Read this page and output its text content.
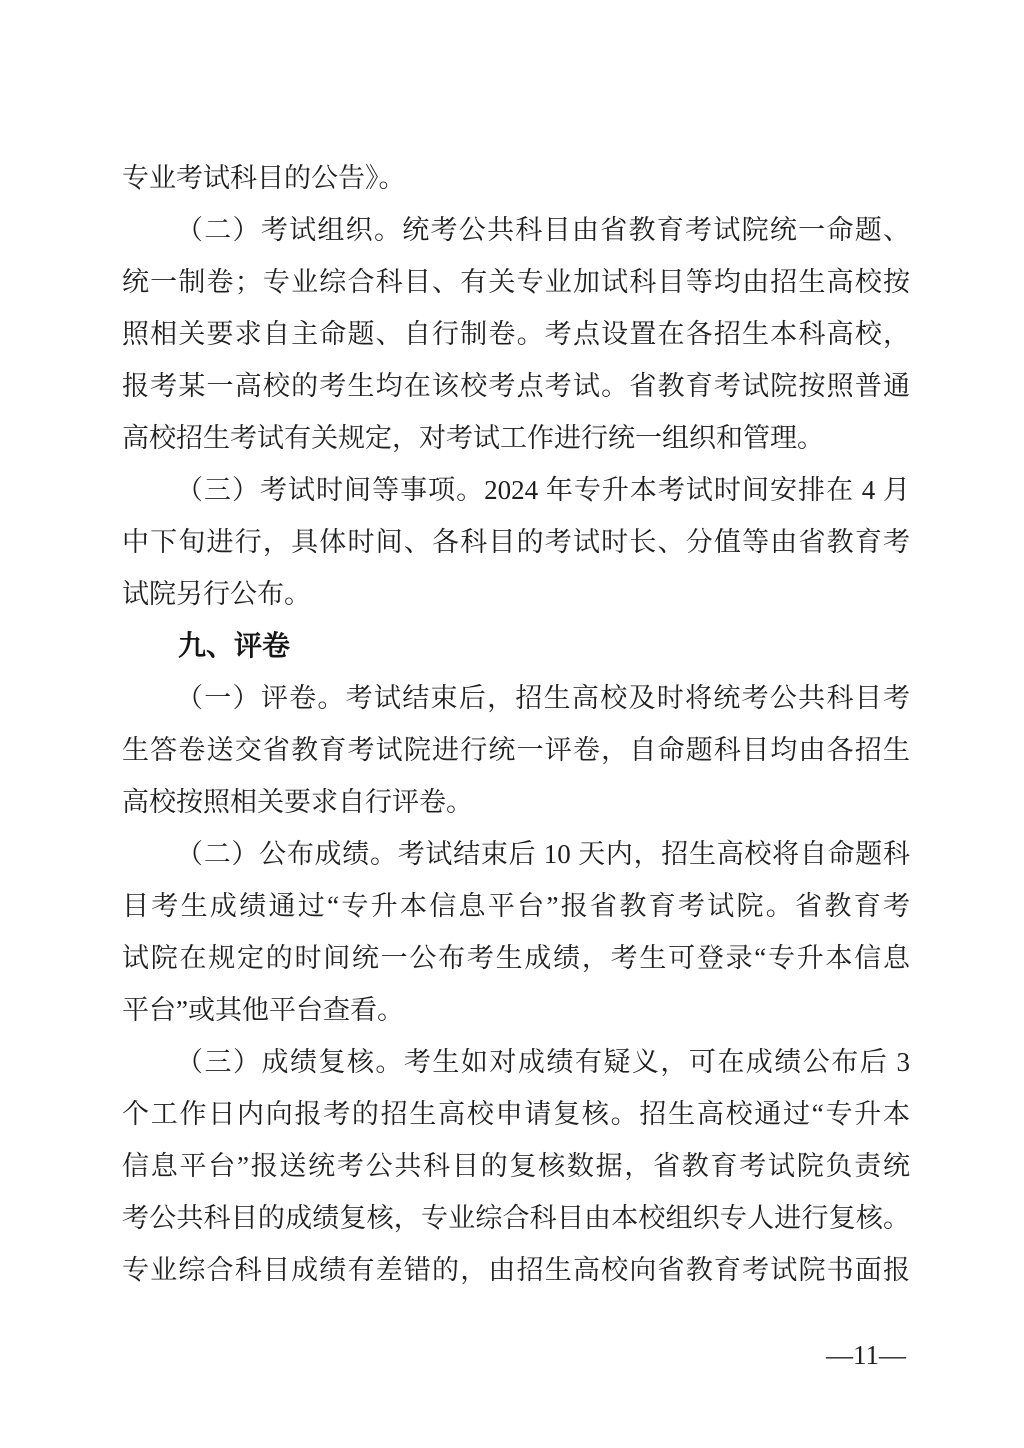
专业考试科目的公告》。
（二）考试组织。统考公共科目由省教育考试院统一命题、
统一制卷；专业综合科目、有关专业加试科目等均由招生高校按
照相关要求自主命题、自行制卷。考点设置在各招生本科高校，
报考某一高校的考生均在该校考点考试。省教育考试院按照普通
高校招生考试有关规定，对考试工作进行统一组织和管理。
（三）考试时间等事项。2024 年专升本考试时间安排在 4 月
中下旬进行，具体时间、各科目的考试时长、分值等由省教育考
试院另行公布。
九、评卷
（一）评卷。考试结束后，招生高校及时将统考公共科目考
生答卷送交省教育考试院进行统一评卷，自命题科目均由各招生
高校按照相关要求自行评卷。
（二）公布成绩。考试结束后 10 天内，招生高校将自命题科
目考生成绩通过“专升本信息平台”报省教育考试院。省教育考
试院在规定的时间统一公布考生成绩，考生可登录“专升本信息
平台”或其他平台查看。
（三）成绩复核。考生如对成绩有疑义，可在成绩公布后 3
个工作日内向报考的招生高校申请复核。招生高校通过“专升本
信息平台”报送统考公共科目的复核数据，省教育考试院负责统
考公共科目的成绩复核，专业综合科目由本校组织专人进行复核。
专业综合科目成绩有差错的，由招生高校向省教育考试院书面报
—11—
